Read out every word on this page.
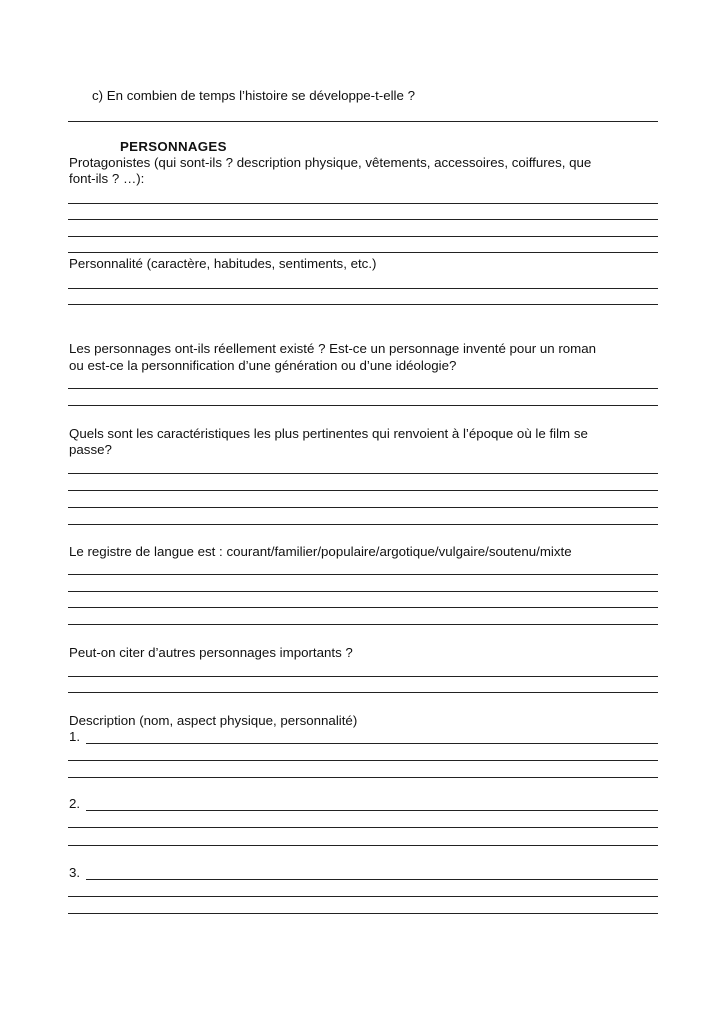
c) En combien de temps l’histoire se développe-t-elle ?
PERSONNAGES
Protagonistes (qui sont-ils ? description physique, vêtements, accessoires, coiffures, que
font-ils ? …):
Personnalité (caractère, habitudes, sentiments, etc.)
Les personnages ont-ils réellement existé ? Est-ce un personnage inventé pour un roman
ou est-ce la personnification d’une génération ou d’une idéologie?
Quels sont les caractéristiques les plus pertinentes qui renvoient à l’époque où le film se
passe?
Le registre de langue est : courant/familier/populaire/argotique/vulgaire/soutenu/mixte
Peut-on citer d’autres personnages importants ?
Description (nom, aspect physique, personnalité)
1.
2.
3.
